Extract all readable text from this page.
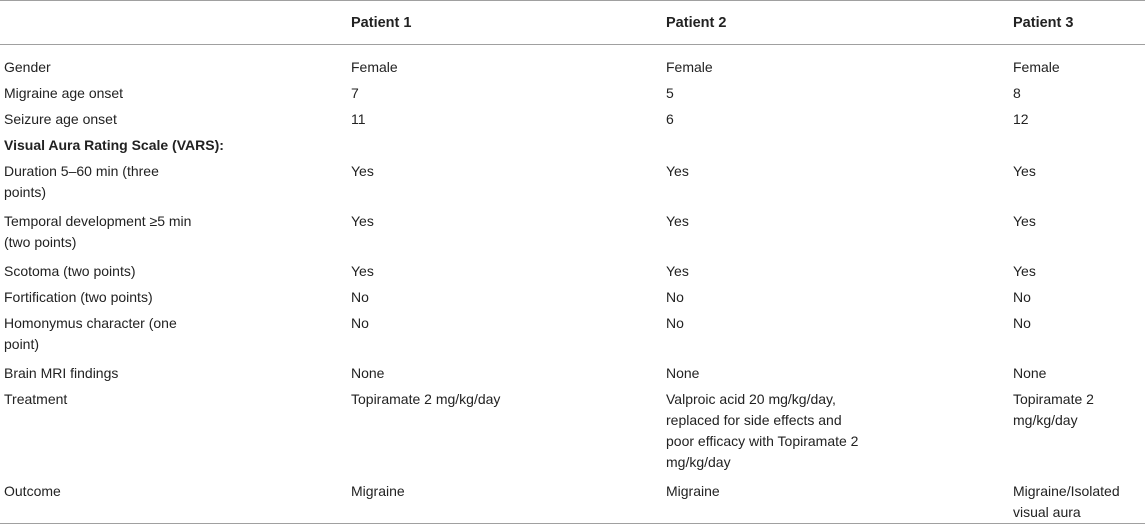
	Patient 1	Patient 2	Patient 3
Gender	Female	Female	Female
Migraine age onset	7	5	8
Seizure age onset	11	6	12
Visual Aura Rating Scale (VARS):			
Duration 5–60 min (three points)	Yes	Yes	Yes
Temporal development ≥5 min (two points)	Yes	Yes	Yes
Scotoma (two points)	Yes	Yes	Yes
Fortification (two points)	No	No	No
Homonymus character (one point)	No	No	No
Brain MRI findings	None	None	None
Treatment	Topiramate 2 mg/kg/day	Valproic acid 20 mg/kg/day, replaced for side effects and poor efficacy with Topiramate 2 mg/kg/day	Topiramate 2 mg/kg/day
Outcome	Migraine	Migraine	Migraine/Isolated visual aura
